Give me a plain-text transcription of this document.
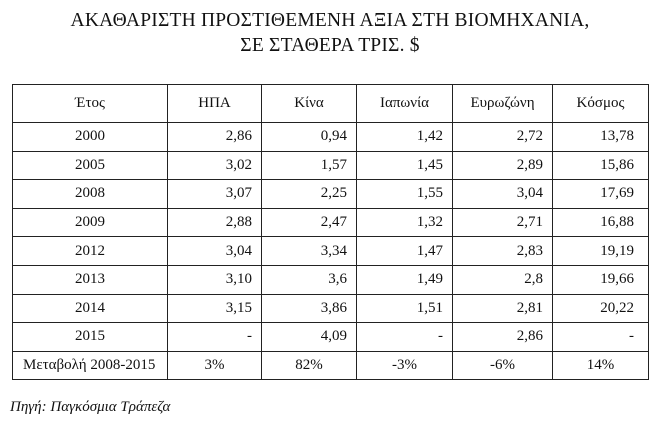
ΑΚΑΘΑΡΙΣΤΗ ΠΡΟΣΤΙΘΕΜΕΝΗ ΑΞΙΑ ΣΤΗ ΒΙΟΜΗΧΑΝΙΑ,
ΣΕ ΣΤΑΘΕΡΑ ΤΡΙΣ. $
Έτος	ΗΠΑ	Κίνα	Ιαπωνία	Ευρωζώνη	Κόσμος
2000	2,86	0,94	1,42	2,72	13,78
2005	3,02	1,57	1,45	2,89	15,86
2008	3,07	2,25	1,55	3,04	17,69
2009	2,88	2,47	1,32	2,71	16,88
2012	3,04	3,34	1,47	2,83	19,19
2013	3,10	3,6	1,49	2,8	19,66
2014	3,15	3,86	1,51	2,81	20,22
2015	-	4,09	-	2,86	-
Μεταβολή 2008-2015	3%	82%	-3%	-6%	14%
Πηγή: Παγκόσμια Τράπεζα
